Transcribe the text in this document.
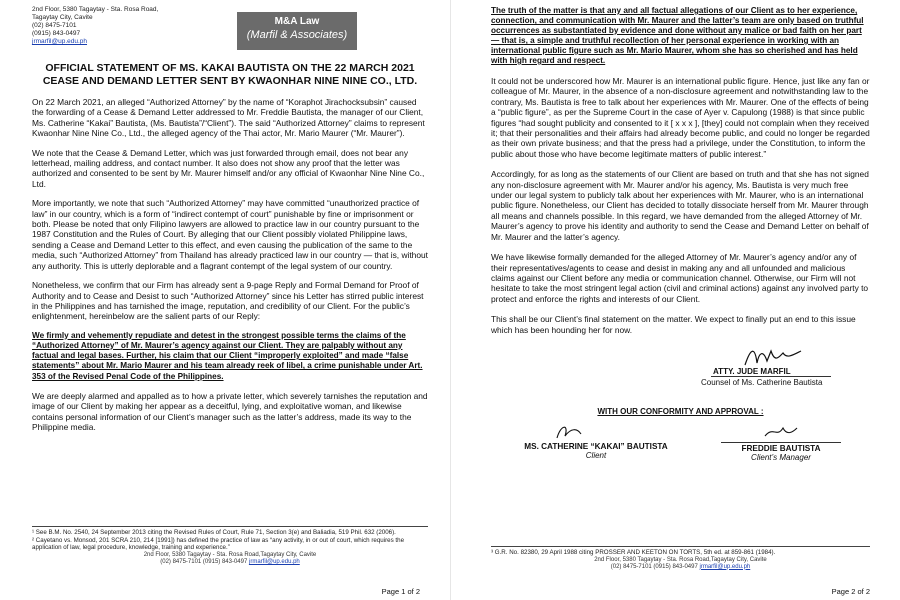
2nd Floor, 5380 Tagaytay - Sta. Rosa Road,
Tagaytay City, Cavite
(02) 8475-7101
(0915) 843-0497
jrmarfil@up.edu.ph
M&A Law
(Marfil & Associates)
OFFICIAL STATEMENT OF MS. KAKAI BAUTISTA ON THE 22 MARCH 2021 CEASE AND DEMAND LETTER SENT BY KWAONHAR NINE NINE CO., LTD.

On 22 March 2021, an alleged “Authorized Attorney” by the name of “Koraphot Jirachocksubsin” caused the forwarding of a Cease & Demand Letter addressed to Mr. Freddie Bautista, the manager of our Client, Ms. Catherine “Kakai” Bautista, (Ms. Bautista”/“Client”). The said “Authorized Attorney” claims to represent Kwaonhar Nine Nine Co., Ltd., the alleged agency of the Thai actor, Mr. Mario Maurer (“Mr. Maurer”).

We note that the Cease & Demand Letter, which was just forwarded through email, does not bear any letterhead, mailing address, and contact number. It also does not show any proof that the letter was authorized and consented to be sent by Mr. Maurer himself and/or any official of Kwaonhar Nine Nine Co., Ltd.

More importantly, we note that such “Authorized Attorney” may have committed “unauthorized practice of law” in our country, which is a form of “indirect contempt of court” punishable by fine or imprisonment or both. Please be noted that only Filipino lawyers are allowed to practice law in our country pursuant to the 1987 Constitution and the Rules of Court. By alleging that our Client possibly violated Philippine laws, sending a Cease and Demand Letter to this effect, and even causing the publication of the same to the media, such “Authorized Attorney” from Thailand has already practiced law in our country — that is, without any authority. This is utterly deplorable and a flagrant contempt of the legal system of our country.

Nonetheless, we confirm that our Firm has already sent a 9-page Reply and Formal Demand for Proof of Authority and to Cease and Desist to such “Authorized Attorney” since his Letter has stirred public interest in the Philippines and has tarnished the image, reputation, and credibility of our Client. For the public’s enlightenment, hereinbelow are the salient parts of our Reply:

We firmly and vehemently repudiate and detest in the strongest possible terms the claims of the “Authorized Attorney” of Mr. Maurer’s agency against our Client. They are palpably without any factual and legal bases. Further, his claim that our Client “improperly exploited” and made “false statements” about Mr. Mario Maurer and his team already reek of libel, a crime punishable under Art. 353 of the Revised Penal Code of the Philippines.

We are deeply alarmed and appalled as to how a private letter, which severely tarnishes the reputation and image of our Client by making her appear as a deceitful, lying, and exploitative woman, and likewise contains personal information of our Client’s manager such as the latter’s address, made its way to the Philippine media.

¹ See B.M. No. 2540, 24 September 2013 citing the Revised Rules of Court, Rule 71, Section 3(e) and Baliadia, 519 Phil. 632 (2006).
² Cayetano vs. Monsod, 201 SCRA 210, 214 [1991]) has defined the practice of law as “any activity, in or out of court, which requires the application of law, legal procedure, knowledge, training and experience.”
2nd Floor, 5380 Tagaytay - Sta. Rosa Road,Tagaytay City, Cavite
(02) 8475-7101 (0915) 843-0497 jrmarfil@up.edu.ph
Page 1 of 2

The truth of the matter is that any and all factual allegations of our Client as to her experience, connection, and communication with Mr. Maurer and the latter’s team are only based on truthful occurrences as substantiated by evidence and done without any malice or bad faith on her part — that is, a simple and truthful recollection of her personal experience in working with an international public figure such as Mr. Mario Maurer, whom she has so cherished and has held with high regard and respect.

It could not be underscored how Mr. Maurer is an international public figure. Hence, just like any fan or colleague of Mr. Maurer, in the absence of a non-disclosure agreement and notwithstanding law to the contrary, Ms. Bautista is free to talk about her experiences with Mr. Maurer. One of the effects of being a “public figure”, as per the Supreme Court in the case of Ayer v. Capulong (1988) is that since public figures “had sought publicity and consented to it [ x x x ], [they] could not complain when they received it; that their personalities and their affairs had already become public, and could no longer be regarded as their own private business; and that the press had a privilege, under the Constitution, to inform the public about those who have become legitimate matters of public interest.”

Accordingly, for as long as the statements of our Client are based on truth and that she has not signed any non-disclosure agreement with Mr. Maurer and/or his agency, Ms. Bautista is very much free under our legal system to publicly talk about her experiences with Mr. Maurer, who is an international public figure. Nonetheless, our Client has decided to totally dissociate herself from Mr. Maurer through all means and channels possible. In this regard, we have demanded from the alleged Attorney of Mr. Maurer’s agency to prove his identity and authority to send the Cease and Demand Letter on behalf of Mr. Maurer and the latter’s agency.

We have likewise formally demanded for the alleged Attorney of Mr. Maurer’s agency and/or any of their representatives/agents to cease and desist in making any and all unfounded and malicious claims against our Client before any media or communication channel. Otherwise, our Firm will not hesitate to take the most stringent legal action (civil and criminal actions) against any involved party to protect and enforce the rights and interests of our Client.

This shall be our Client’s final statement on the matter. We expect to finally put an end to this issue which has been hounding her for now.

ATTY. JUDE MARFIL
Counsel of Ms. Catherine Bautista
WITH OUR CONFORMITY AND APPROVAL :
MS. CATHERINE “KAKAI” BAUTISTA
Client
FREDDIE BAUTISTA
Client’s Manager
³ G.R. No. 82380, 29 April 1988 citing PROSSER AND KEETON ON TORTS, 5th ed. at 859-861 (1984).
2nd Floor, 5380 Tagaytay - Sta. Rosa Road,Tagaytay City, Cavite
(02) 8475-7101 (0915) 843-0497 jrmarfil@up.edu.ph
Page 2 of 2
